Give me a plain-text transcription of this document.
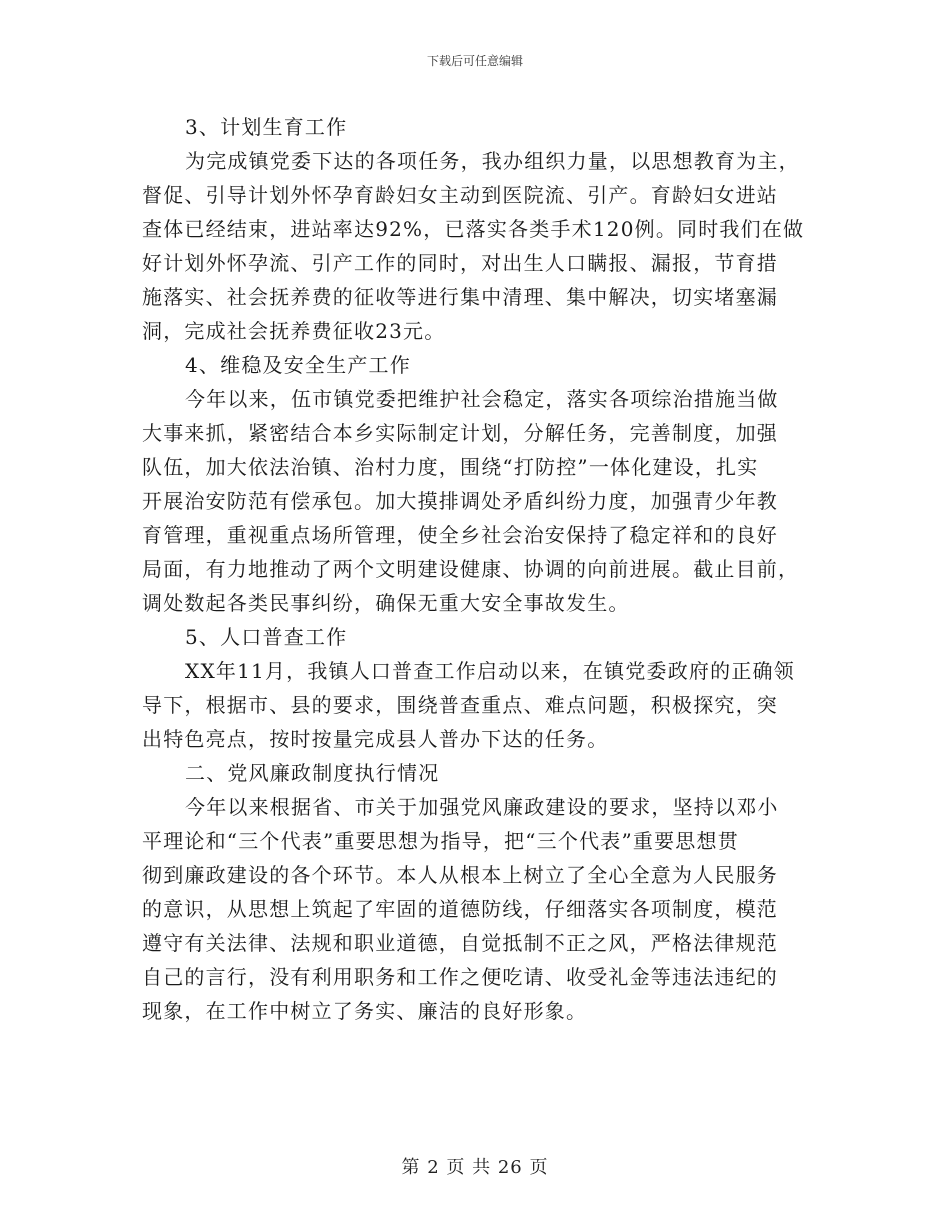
下载后可任意编辑
3、计划生育工作
为完成镇党委下达的各项任务，我办组织力量，以思想教育为主，
督促、引导计划外怀孕育龄妇女主动到医院流、引产。育龄妇女进站
查体已经结束，进站率达92%，已落实各类手术120例。同时我们在做
好计划外怀孕流、引产工作的同时，对出生人口瞒报、漏报，节育措
施落实、社会抚养费的征收等进行集中清理、集中解决，切实堵塞漏
洞，完成社会抚养费征收23元。
4、维稳及安全生产工作
今年以来，伍市镇党委把维护社会稳定，落实各项综治措施当做
大事来抓，紧密结合本乡实际制定计划，分解任务，完善制度，加强
队伍，加大依法治镇、治村力度，围绕“打防控”一体化建设，扎实
开展治安防范有偿承包。加大摸排调处矛盾纠纷力度，加强青少年教
育管理，重视重点场所管理，使全乡社会治安保持了稳定祥和的良好
局面，有力地推动了两个文明建设健康、协调的向前进展。截止目前，
调处数起各类民事纠纷，确保无重大安全事故发生。
5、人口普查工作
XX年11月，我镇人口普查工作启动以来，在镇党委政府的正确领
导下，根据市、县的要求，围绕普查重点、难点问题，积极探究，突
出特色亮点，按时按量完成县人普办下达的任务。
二、党风廉政制度执行情况
今年以来根据省、市关于加强党风廉政建设的要求，坚持以邓小
平理论和“三个代表”重要思想为指导，把“三个代表”重要思想贯
彻到廉政建设的各个环节。本人从根本上树立了全心全意为人民服务
的意识，从思想上筑起了牢固的道德防线，仔细落实各项制度，模范
遵守有关法律、法规和职业道德，自觉抵制不正之风，严格法律规范
自己的言行，没有利用职务和工作之便吃请、收受礼金等违法违纪的
现象，在工作中树立了务实、廉洁的良好形象。
第 2 页 共 26 页
